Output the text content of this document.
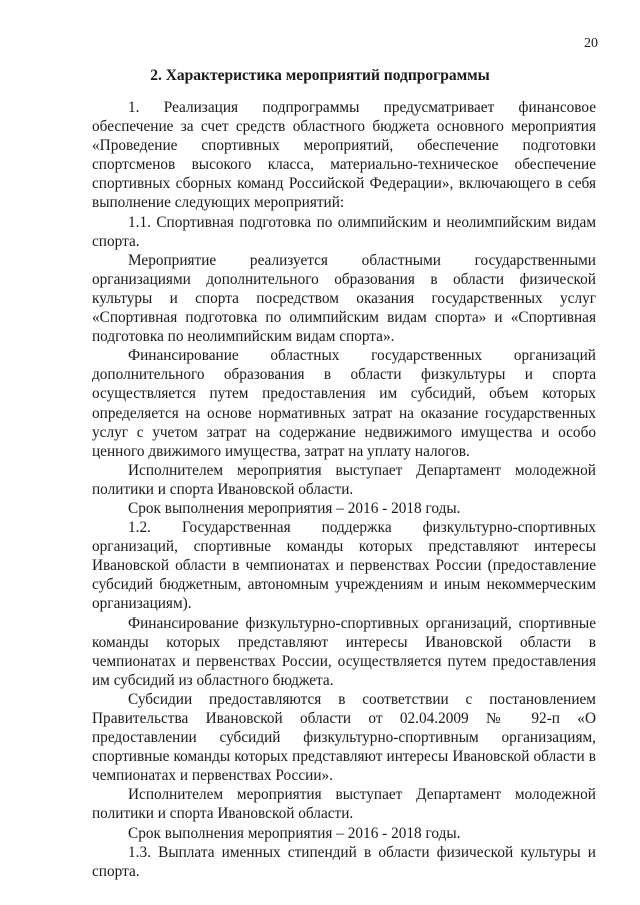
20
2. Характеристика мероприятий подпрограммы

1. Реализация подпрограммы предусматривает финансовое обеспечение за счет средств областного бюджета основного мероприятия «Проведение спортивных мероприятий, обеспечение подготовки спортсменов высокого класса, материально-техническое обеспечение спортивных сборных команд Российской Федерации», включающего в себя выполнение следующих мероприятий:

1.1. Спортивная подготовка по олимпийским и неолимпийским видам спорта.

Мероприятие реализуется областными государственными организациями дополнительного образования в области физической культуры и спорта посредством оказания государственных услуг «Спортивная подготовка по олимпийским видам спорта» и «Спортивная подготовка по неолимпийским видам спорта».

Финансирование областных государственных организаций дополнительного образования в области физкультуры и спорта осуществляется путем предоставления им субсидий, объем которых определяется на основе нормативных затрат на оказание государственных услуг с учетом затрат на содержание недвижимого имущества и особо ценного движимого имущества, затрат на уплату налогов.

Исполнителем мероприятия выступает Департамент молодежной политики и спорта Ивановской области.

Срок выполнения мероприятия – 2016 - 2018 годы.

1.2. Государственная поддержка физкультурно-спортивных организаций, спортивные команды которых представляют интересы Ивановской области в чемпионатах и первенствах России (предоставление субсидий бюджетным, автономным учреждениям и иным некоммерческим организациям).

Финансирование физкультурно-спортивных организаций, спортивные команды которых представляют интересы Ивановской области в чемпионатах и первенствах России, осуществляется путем предоставления им субсидий из областного бюджета.

Субсидии предоставляются в соответствии с постановлением Правительства Ивановской области от 02.04.2009 № 92-п «О предоставлении субсидий физкультурно-спортивным организациям, спортивные команды которых представляют интересы Ивановской области в чемпионатах и первенствах России».

Исполнителем мероприятия выступает Департамент молодежной политики и спорта Ивановской области.

Срок выполнения мероприятия – 2016 - 2018 годы.

1.3. Выплата именных стипендий в области физической культуры и спорта.
